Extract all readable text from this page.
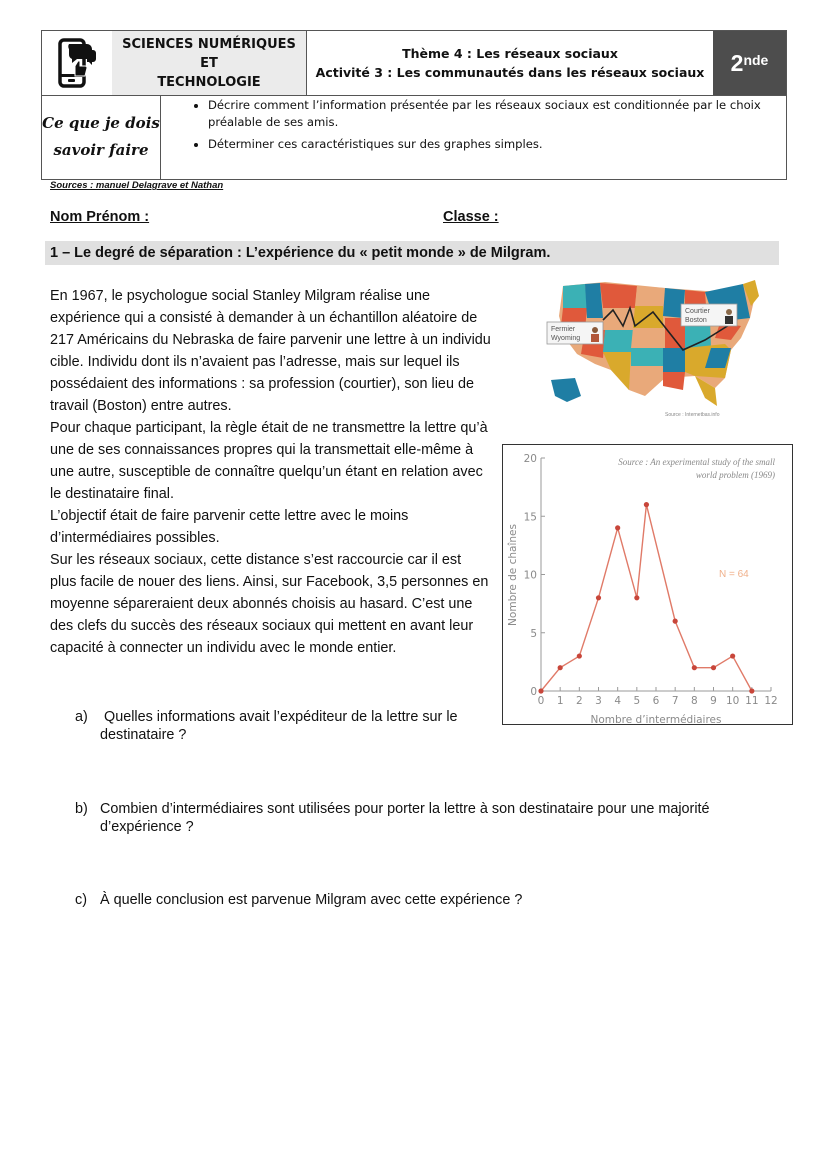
SCIENCES NUMÉRIQUES ET
TECHNOLOGIE
Thème 4 : Les réseaux sociaux
Activité 3 : Les communautés dans les réseaux sociaux 2nde
Ce que je dois
savoir faire
• Décrire comment l’information présentée par les réseaux sociaux est conditionnée par le choix préalable de ses amis.
• Déterminer ces caractéristiques sur des graphes simples.
Sources : manuel Delagrave et Nathan
Nom Prénom :	Classe :
1 – Le degré de séparation : L’expérience du « petit monde » de Milgram.

En 1967, le psychologue social Stanley Milgram réalise une expérience qui a consisté à demander à un échantillon aléatoire de 217 Américains du Nebraska de faire parvenir une lettre à un individu cible. Individu dont ils n’avaient pas l’adresse, mais sur lequel ils possédaient des informations : sa profession (courtier), son lieu de travail (Boston) entre autres.

Pour chaque participant, la règle était de ne transmettre la lettre qu’à une de ses connaissances propres qui la transmettait elle-même à une autre, susceptible de connaître quelqu’un étant en relation avec le destinataire final.

L’objectif était de faire parvenir cette lettre avec le moins d’intermédiaires possibles.

Sur les réseaux sociaux, cette distance s’est raccourcie car il est plus facile de nouer des liens. Ainsi, sur Facebook, 3,5 personnes en moyenne sépareraient deux abonnés choisis au hasard. C’est une des clefs du succès des réseaux sociaux qui mettent en avant leur capacité à connecter un individu avec le monde entier.

Fermier
Wyoming
Courtier
Boston
Source : Internetbas.info
0 1 2 3 4 5 6 7 8 9 10 11 12
0
5
10
15
20	Source : An experimental study of the small
world problem (1969)
N = 64
Nombre d’intermédiaires
Nombre de chaînes
a) Quelles informations avait l’expéditeur de la lettre sur le
destinataire ?
b) Combien d’intermédiaires sont utilisées pour porter la lettre à son destinataire pour une majorité
d’expérience ?
c) À quelle conclusion est parvenue Milgram avec cette expérience ?
